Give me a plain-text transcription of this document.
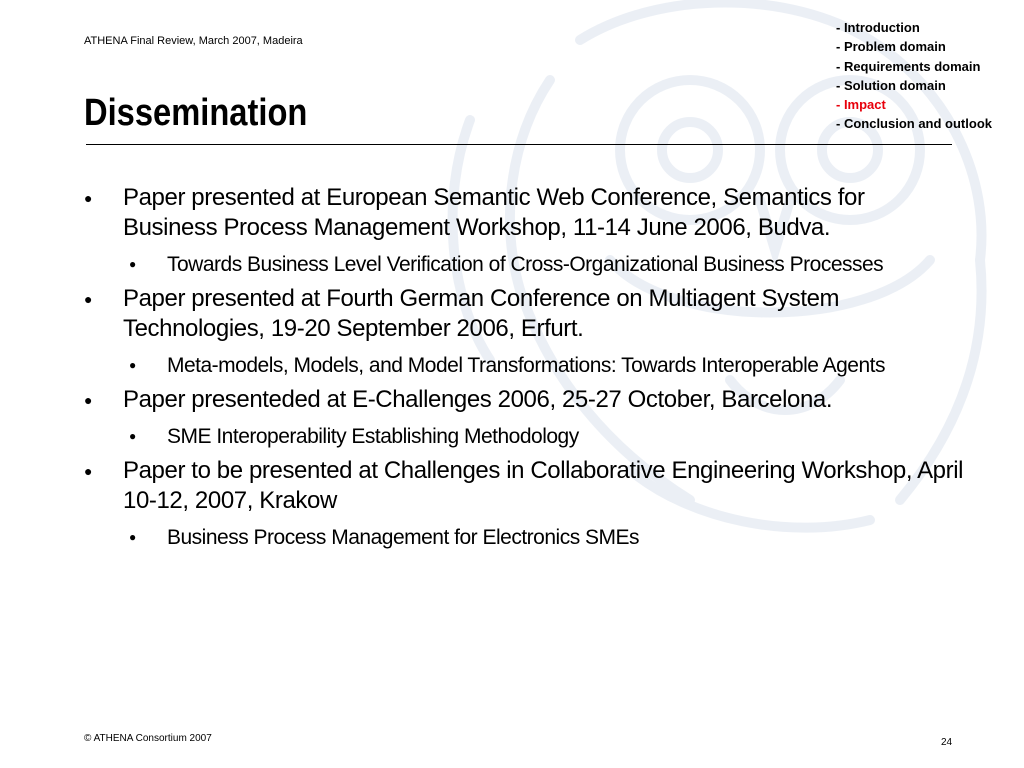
ATHENA Final Review, March 2007, Madeira
- Introduction
- Problem domain
- Requirements domain
- Solution domain
- Impact
- Conclusion and outlook
Dissemination
● Paper presented at European Semantic Web Conference, Semantics for Business Process Management Workshop, 11-14 June 2006, Budva.
● Towards Business Level Verification of Cross-Organizational Business Processes
● Paper presented at Fourth German Conference on Multiagent System Technologies, 19-20 September 2006, Erfurt.
● Meta-models, Models, and Model Transformations: Towards Interoperable Agents
● Paper presenteded at E-Challenges 2006, 25-27 October, Barcelona.
● SME Interoperability Establishing Methodology
● Paper to be presented at Challenges in Collaborative Engineering Workshop, April 10-12, 2007, Krakow
● Business Process Management for Electronics SMEs
© ATHENA Consortium 2007	24
